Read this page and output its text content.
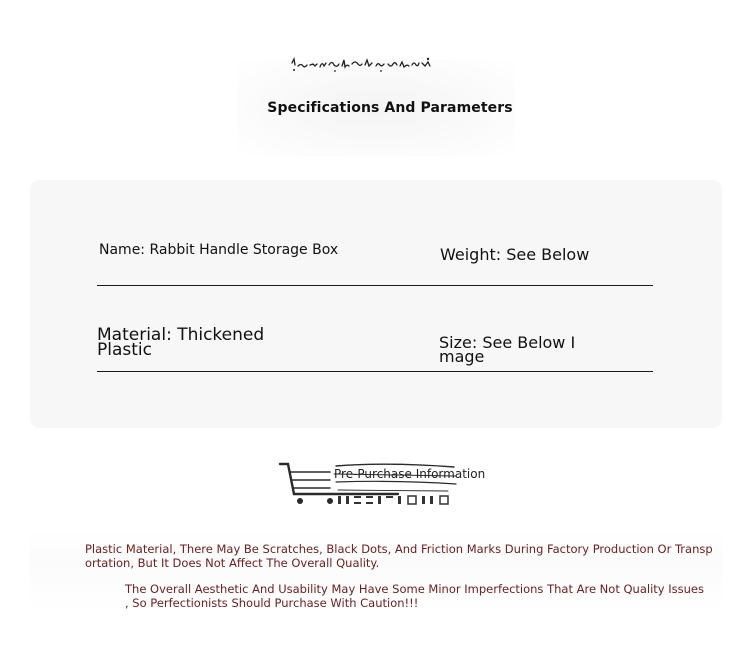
Specifications And Parameters
Name: Rabbit Handle Storage Box	Weight: See Below
Material: Thickened
Plastic	Size: See Below I
mage
Pre-Purchase Information
Plastic Material, There May Be Scratches, Black Dots, And Friction Marks During Factory Production Or Transp
ortation, But It Does Not Affect The Overall Quality.
The Overall Aesthetic And Usability May Have Some Minor Imperfections That Are Not Quality Issues
, So Perfectionists Should Purchase With Caution!!!
